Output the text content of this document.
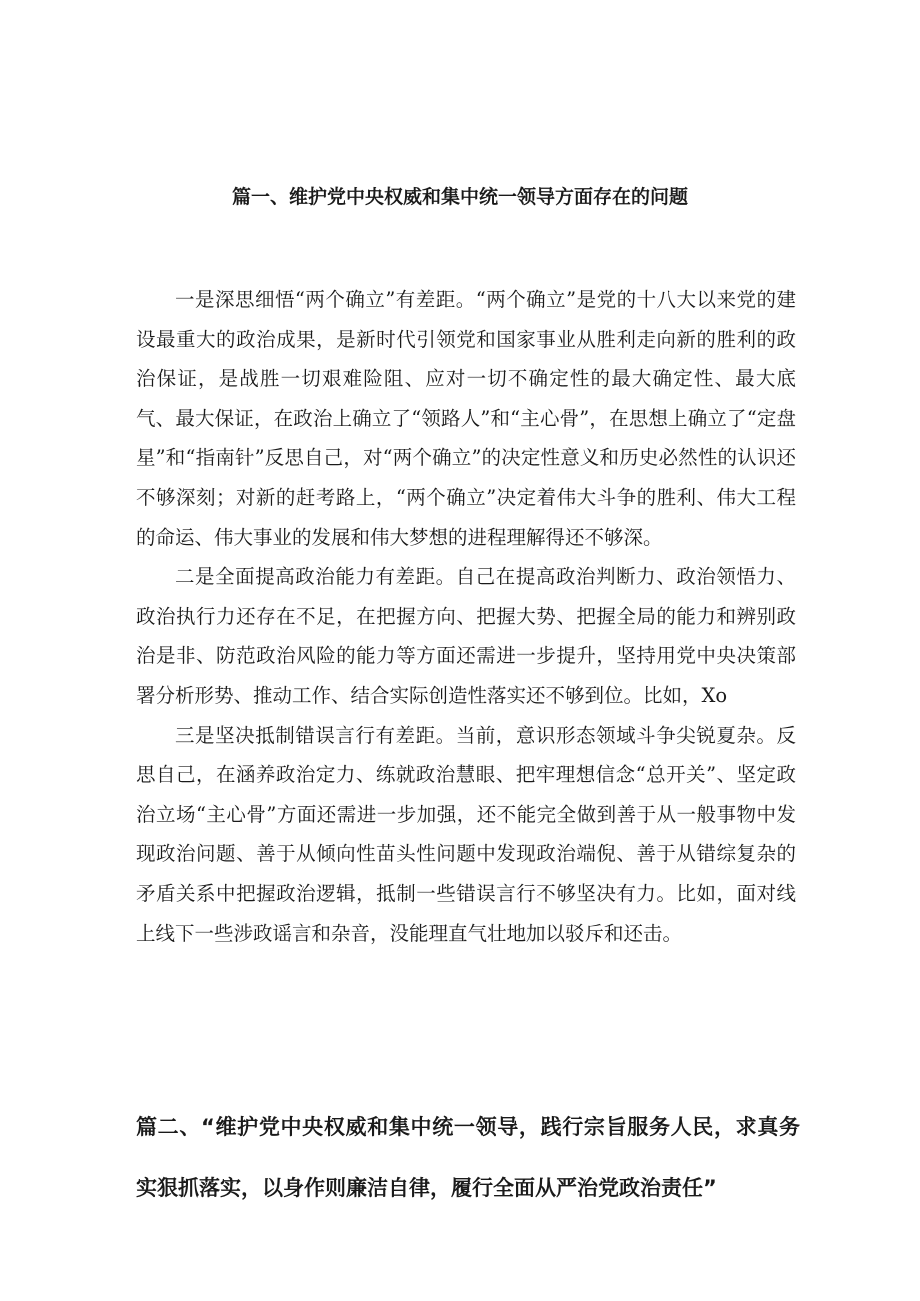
篇一、维护党中央权威和集中统一领导方面存在的问题

一是深思细悟“两个确立”有差距。“两个确立”是党的十八大以来党的建设最重大的政治成果，是新时代引领党和国家事业从胜利走向新的胜利的政治保证，是战胜一切艰难险阻、应对一切不确定性的最大确定性、最大底气、最大保证，在政治上确立了“领路人”和“主心骨”，在思想上确立了“定盘星”和“指南针”反思自己，对“两个确立”的决定性意义和历史必然性的认识还不够深刻；对新的赶考路上，“两个确立”决定着伟大斗争的胜利、伟大工程的命运、伟大事业的发展和伟大梦想的进程理解得还不够深。

二是全面提高政治能力有差距。自己在提高政治判断力、政治领悟力、政治执行力还存在不足，在把握方向、把握大势、把握全局的能力和辨别政治是非、防范政治风险的能力等方面还需进一步提升，坚持用党中央决策部署分析形势、推动工作、结合实际创造性落实还不够到位。比如，Xo

三是坚决抵制错误言行有差距。当前，意识形态领域斗争尖锐夏杂。反思自己，在涵养政治定力、练就政治慧眼、把牢理想信念“总开关”、坚定政治立场“主心骨”方面还需进一步加强，还不能完全做到善于从一般事物中发现政治问题、善于从倾向性苗头性问题中发现政治端倪、善于从错综复杂的矛盾关系中把握政治逻辑，抵制一些错误言行不够坚决有力。比如，面对线上线下一些涉政谣言和杂音，没能理直气壮地加以驳斥和还击。

篇二、“维护党中央权威和集中统一领导，践行宗旨服务人民，求真务实狠抓落实，以身作则廉洁自律，履行全面从严治党政治责任”
